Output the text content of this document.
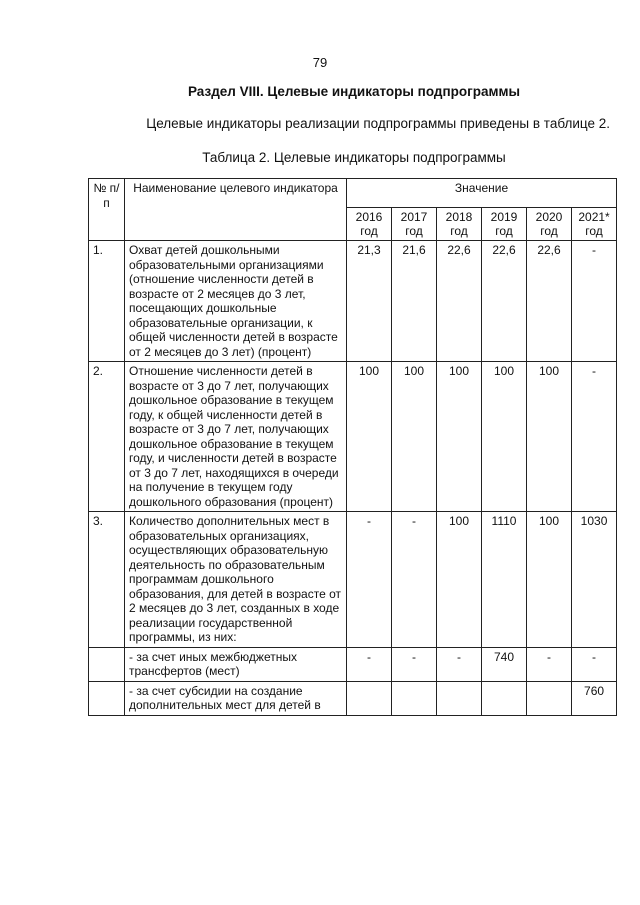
79
Раздел VIII. Целевые индикаторы подпрограммы
Целевые индикаторы реализации подпрограммы приведены в таблице 2.
Таблица 2. Целевые индикаторы подпрограммы
№ п/п	Наименование целевого индикатора	Значение					
		2016 год	2017 год	2018 год	2019 год	2020 год	2021* год
1.	Охват детей дошкольными образовательными организациями (отношение численности детей в возрасте от 2 месяцев до 3 лет, посещающих дошкольные образовательные организации, к общей численности детей в возрасте от 2 месяцев до 3 лет) (процент)	21,3	21,6	22,6	22,6	22,6	-
2.	Отношение численности детей в возрасте от 3 до 7 лет, получающих дошкольное образование в текущем году, к общей численности детей в возрасте от 3 до 7 лет, получающих дошкольное образование в текущем году, и численности детей в возрасте от 3 до 7 лет, находящихся в очереди на получение в текущем году дошкольного образования (процент)	100	100	100	100	100	-
3.	Количество дополнительных мест в образовательных организациях, осуществляющих образовательную деятельность по образовательным программам дошкольного образования, для детей в возрасте от 2 месяцев до 3 лет, созданных в ходе реализации государственной программы, из них:	-	-	100	1110	100	1030
	- за счет иных межбюджетных трансфертов (мест)	-	-	-	740	-	-
	- за счет субсидии на создание дополнительных мест для детей в						760
